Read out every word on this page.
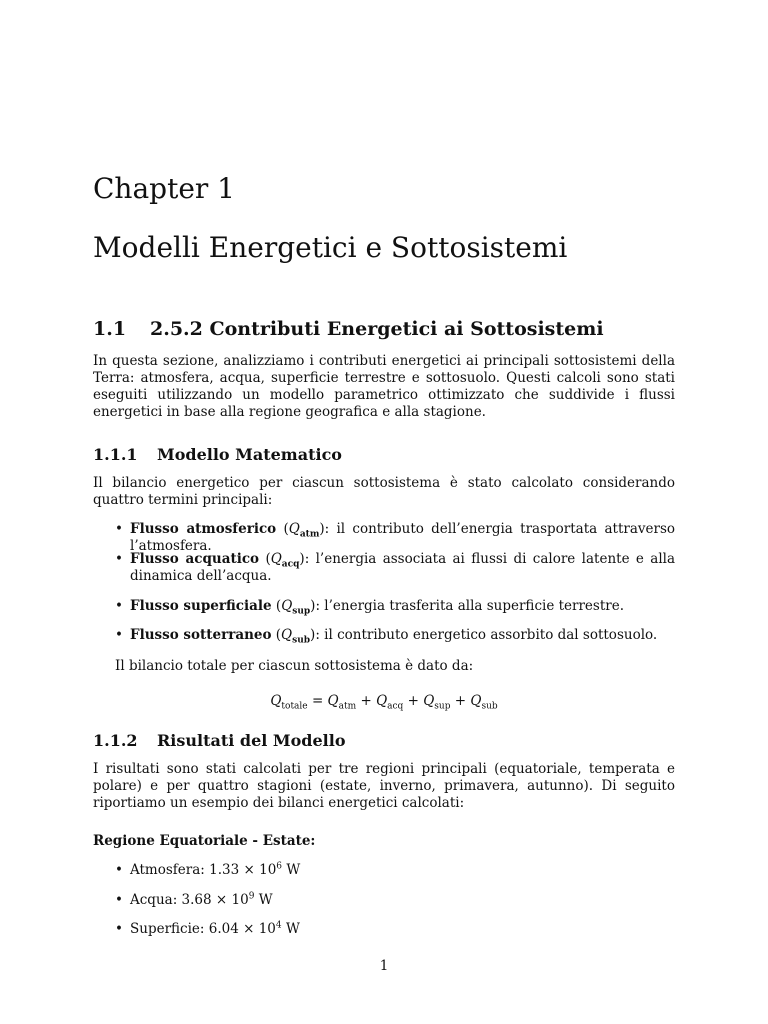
Chapter 1
Modelli Energetici e Sottosistemi
1.1 2.5.2 Contributi Energetici ai Sottosistemi

In questa sezione, analizziamo i contributi energetici ai principali sottosistemi della Terra: atmosfera, acqua, superficie terrestre e sottosuolo. Questi calcoli sono stati eseguiti utilizzando un modello parametrico ottimizzato che suddivide i flussi energetici in base alla regione geografica e alla stagione.

1.1.1 Modello Matematico

Il bilancio energetico per ciascun sottosistema è stato calcolato considerando quattro termini principali:

• Flusso atmosferico $(Q_{atm})$: il contributo dell’energia trasportata attraverso l’atmosfera.
• Flusso acquatico $(Q_{acq})$: l’energia associata ai flussi di calore latente e alla dinamica dell’acqua.
• Flusso superficiale $(Q_{sup})$: l’energia trasferita alla superficie terrestre.
• Flusso sotterraneo $(Q_{sub})$: il contributo energetico assorbito dal sottosuolo.

Il bilancio totale per ciascun sottosistema è dato da:

$Q_{totale} = Q_{atm} + Q_{acq} + Q_{sup} + Q_{sub}$
1.1.2 Risultati del Modello

I risultati sono stati calcolati per tre regioni principali (equatoriale, temperata e polare) e per quattro stagioni (estate, inverno, primavera, autunno). Di seguito riportiamo un esempio dei bilanci energetici calcolati:

Regione Equatoriale - Estate:

• Atmosfera: $1.33 \times 10^6$ W
• Acqua: $3.68 \times 10^9$ W
• Superficie: $6.04 \times 10^4$ W
1
